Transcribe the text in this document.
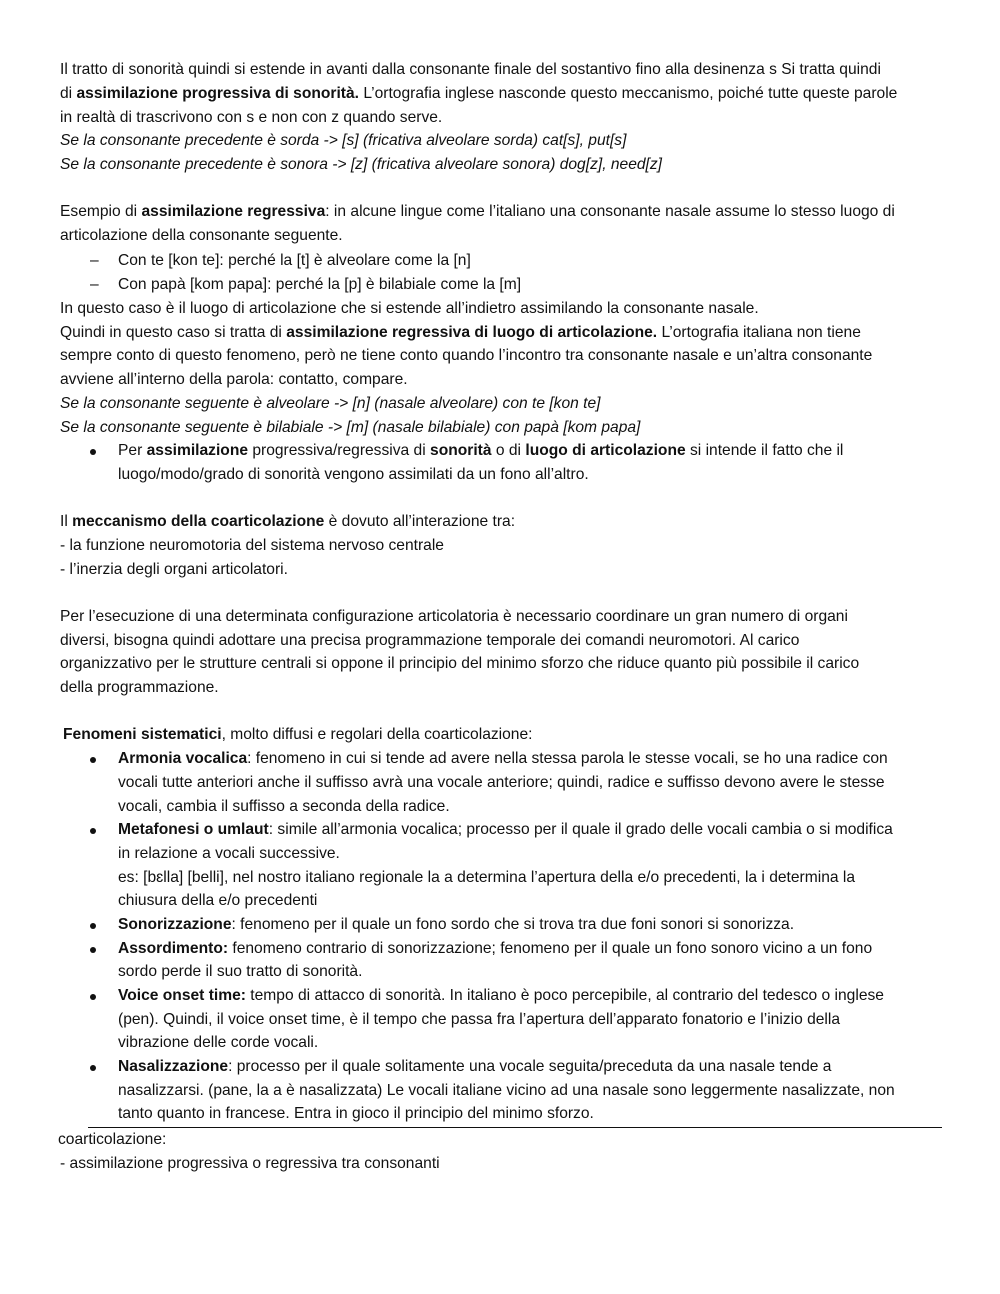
Il tratto di sonorità quindi si estende in avanti dalla consonante finale del sostantivo fino alla desinenza s Si tratta quindi
di assimilazione progressiva di sonorità. L’ortografia inglese nasconde questo meccanismo, poiché tutte queste parole
in realtà di trascrivono con s e non con z quando serve.
Se la consonante precedente è sorda -> [s] (fricativa alveolare sorda) cat[s], put[s]
Se la consonante precedente è sonora -> [z] (fricativa alveolare sonora) dog[z], need[z]
Esempio di assimilazione regressiva: in alcune lingue come l’italiano una consonante nasale assume lo stesso luogo di
articolazione della consonante seguente.
– Con te [kon te]: perché la [t] è alveolare come la [n]
– Con papà [kom papa]: perché la [p] è bilabiale come la [m]
In questo caso è il luogo di articolazione che si estende all’indietro assimilando la consonante nasale.
Quindi in questo caso si tratta di assimilazione regressiva di luogo di articolazione. L’ortografia italiana non tiene
sempre conto di questo fenomeno, però ne tiene conto quando l’incontro tra consonante nasale e un’altra consonante
avviene all’interno della parola: contatto, compare.
Se la consonante seguente è alveolare -> [n] (nasale alveolare) con te [kon te]
Se la consonante seguente è bilabiale -> [m] (nasale bilabiale) con papà [kom papa]
Per assimilazione progressiva/regressiva di sonorità o di luogo di articolazione si intende il fatto che il
luogo/modo/grado di sonorità vengono assimilati da un fono all’altro.
Il meccanismo della coarticolazione è dovuto all’interazione tra:
- la funzione neuromotoria del sistema nervoso centrale
- l’inerzia degli organi articolatori.
Per l’esecuzione di una determinata configurazione articolatoria è necessario coordinare un gran numero di organi
diversi, bisogna quindi adottare una precisa programmazione temporale dei comandi neuromotori. Al carico
organizzativo per le strutture centrali si oppone il principio del minimo sforzo che riduce quanto più possibile il carico
della programmazione.
Fenomeni sistematici, molto diffusi e regolari della coarticolazione:
Armonia vocalica: fenomeno in cui si tende ad avere nella stessa parola le stesse vocali, se ho una radice con
vocali tutte anteriori anche il suffisso avrà una vocale anteriore; quindi, radice e suffisso devono avere le stesse
vocali, cambia il suffisso a seconda della radice.
Metafonesi o umlaut: simile all’armonia vocalica; processo per il quale il grado delle vocali cambia o si modifica
in relazione a vocali successive.
es: [bɛlla] [belli], nel nostro italiano regionale la a determina l’apertura della e/o precedenti, la i determina la
chiusura della e/o precedenti
Sonorizzazione: fenomeno per il quale un fono sordo che si trova tra due foni sonori si sonorizza.
Assordimento: fenomeno contrario di sonorizzazione; fenomeno per il quale un fono sonoro vicino a un fono
sordo perde il suo tratto di sonorità.
Voice onset time: tempo di attacco di sonorità. In italiano è poco percepibile, al contrario del tedesco o inglese
(pen). Quindi, il voice onset time, è il tempo che passa fra l’apertura dell’apparato fonatorio e l’inizio della
vibrazione delle corde vocali.
Nasalizzazione: processo per il quale solitamente una vocale seguita/preceduta da una nasale tende a
nasalizzarsi. (pane, la a è nasalizzata) Le vocali italiane vicino ad una nasale sono leggermente nasalizzate, non
tanto quanto in francese. Entra in gioco il principio del minimo sforzo.
coarticolazione:
- assimilazione progressiva o regressiva tra consonanti
